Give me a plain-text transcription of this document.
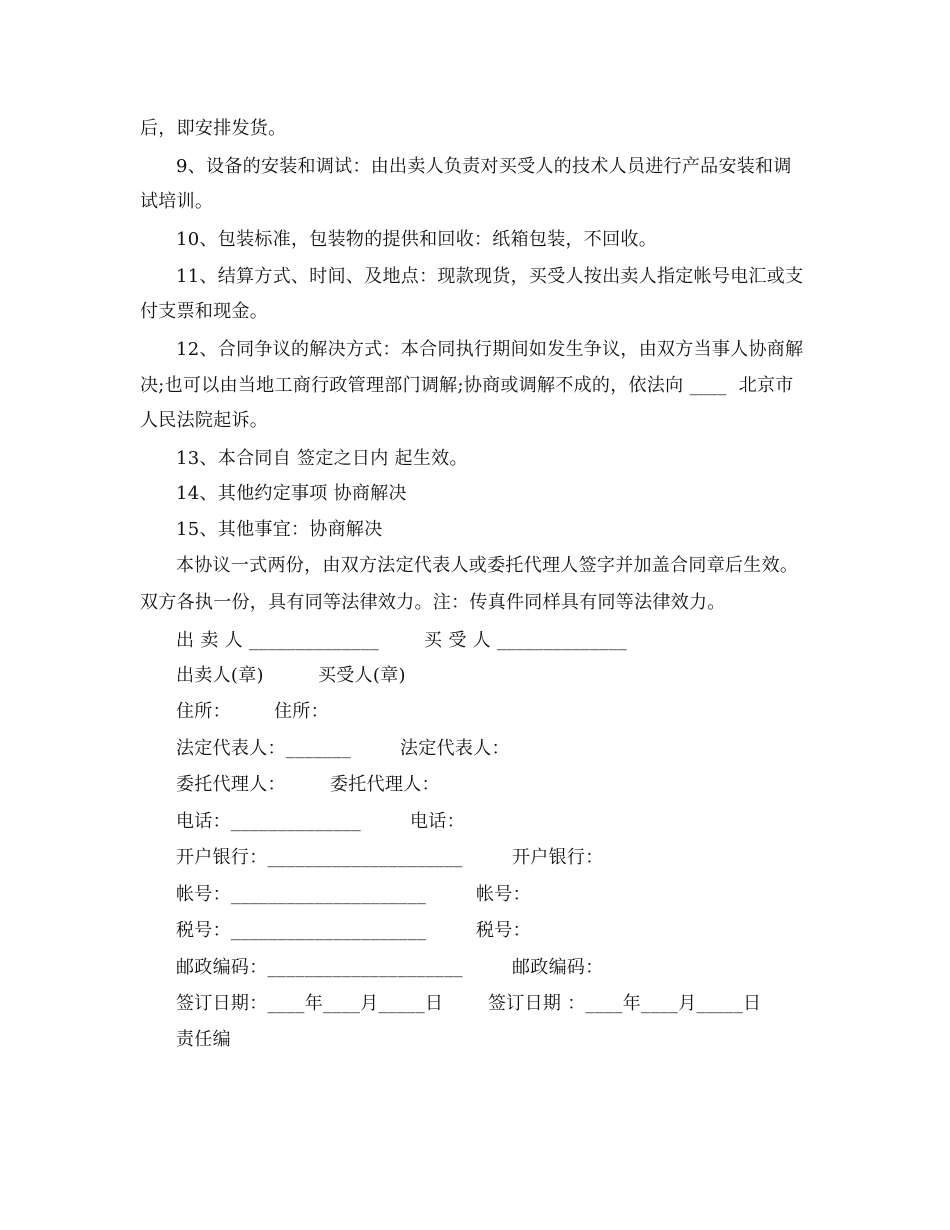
后，即安排发货。
9、设备的安装和调试：由出卖人负责对买受人的技术人员进行产品安装和调
试培训。
10、包装标准，包装物的提供和回收：纸箱包装，不回收。
11、结算方式、时间、及地点：现款现货，买受人按出卖人指定帐号电汇或支
付支票和现金。
12、合同争议的解决方式：本合同执行期间如发生争议，由双方当事人协商解
决;也可以由当地工商行政管理部门调解;协商或调解不成的，依法向 ____  北京市
人民法院起诉。
13、本合同自 签定之日内 起生效。
14、其他约定事项 协商解决
15、其他事宜：协商解决
本协议一式两份，由双方法定代表人或委托代理人签字并加盖合同章后生效。
双方各执一份，具有同等法律效力。注：传真件同样具有同等法律效力。
出 卖 人 ______________ 买 受 人 ______________
出卖人(章)	买受人(章)
住所： 住所：
法定代表人：_______	法定代表人：
委托代理人： 委托代理人：
电话：______________	电话：
开户银行：_____________________	开户银行：
帐号：_____________________	帐号：
税号：_____________________	税号：
邮政编码：_____________________	邮政编码：
签订日期：____年____月_____日 签订日期 ：____年____月_____日
责任编
